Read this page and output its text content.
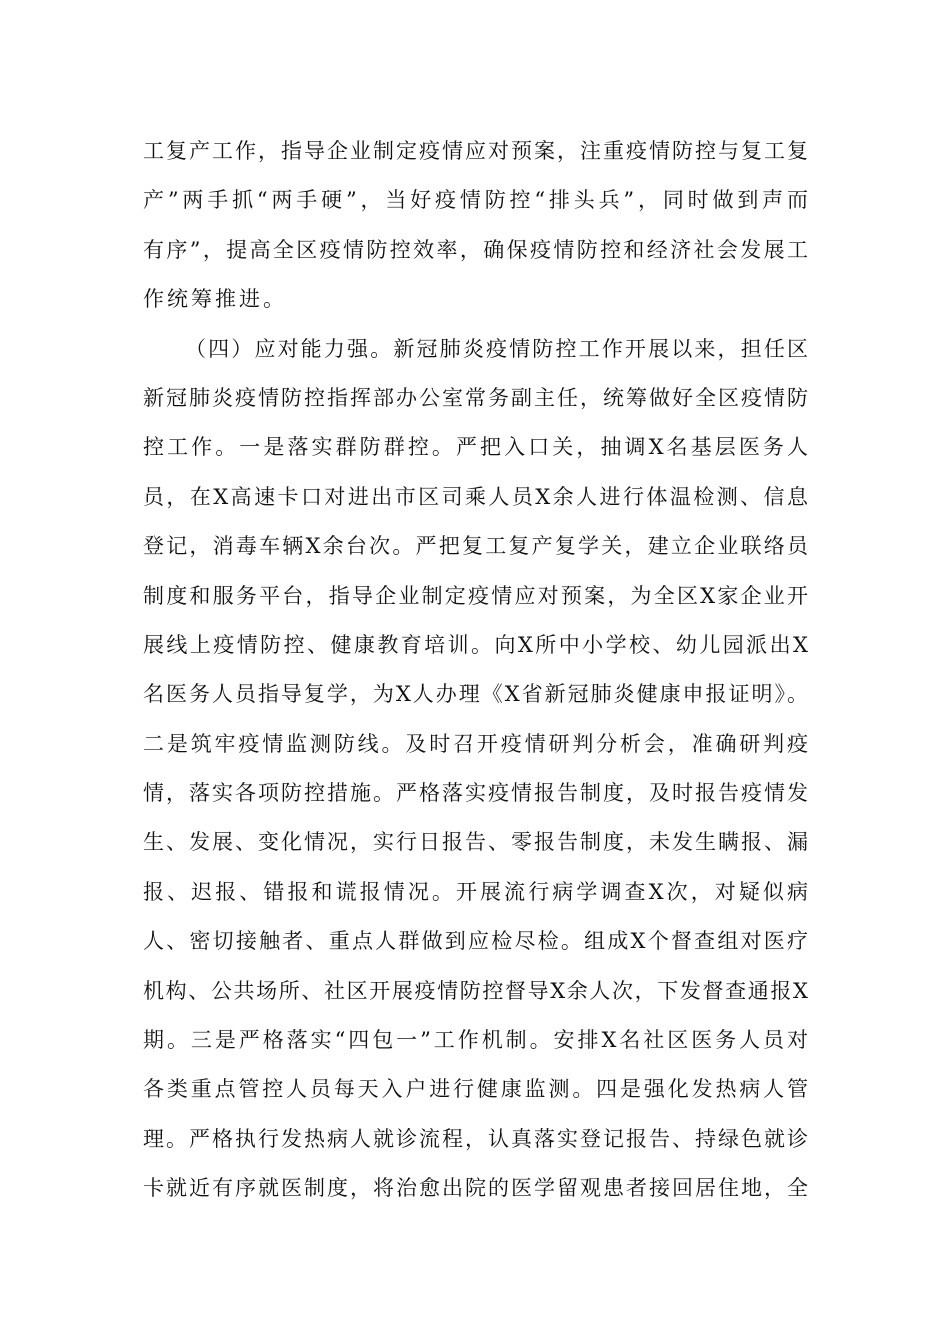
工复产工作，指导企业制定疫情应对预案，注重疫情防控与复工复
产”两手抓“两手硬”，当好疫情防控“排头兵”，同时做到声而
有序”，提高全区疫情防控效率，确保疫情防控和经济社会发展工
作统筹推进。
（四）应对能力强。新冠肺炎疫情防控工作开展以来，担任区
新冠肺炎疫情防控指挥部办公室常务副主任，统筹做好全区疫情防
控工作。一是落实群防群控。严把入口关，抽调X名基层医务人
员，在X高速卡口对进出市区司乘人员X余人进行体温检测、信息
登记，消毒车辆X余台次。严把复工复产复学关，建立企业联络员
制度和服务平台，指导企业制定疫情应对预案，为全区X家企业开
展线上疫情防控、健康教育培训。向X所中小学校、幼儿园派出X
名医务人员指导复学，为X人办理《X省新冠肺炎健康申报证明》。
二是筑牢疫情监测防线。及时召开疫情研判分析会，准确研判疫
情，落实各项防控措施。严格落实疫情报告制度，及时报告疫情发
生、发展、变化情况，实行日报告、零报告制度，未发生瞒报、漏
报、迟报、错报和谎报情况。开展流行病学调查X次，对疑似病
人、密切接触者、重点人群做到应检尽检。组成X个督查组对医疗
机构、公共场所、社区开展疫情防控督导X余人次，下发督查通报X
期。三是严格落实“四包一”工作机制。安排X名社区医务人员对
各类重点管控人员每天入户进行健康监测。四是强化发热病人管
理。严格执行发热病人就诊流程，认真落实登记报告、持绿色就诊
卡就近有序就医制度，将治愈出院的医学留观患者接回居住地，全
